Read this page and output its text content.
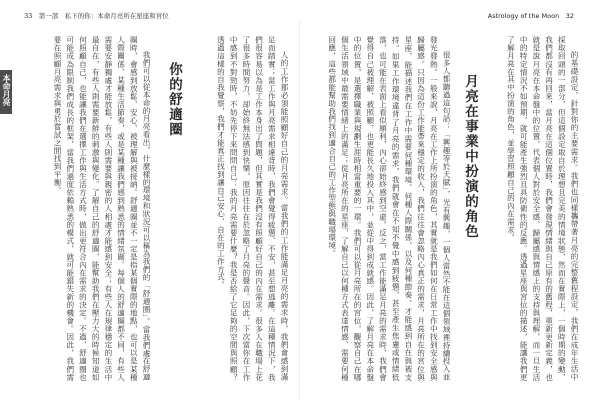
33　第一部　私下的你：本命月亮所在星座和宮位	Astrology of the Moon　32
本命月亮	的基礎設定，針對你的主要需求。我們也同樣攜帶著月亮的完整舊程設定，我們在成年生活中採取回頭的一部分，但這個設定取自於理想且完美的情境狀態，然而在實際上，一個時期的變動，我們都沒有再回來，當月亮在這個位置時，我們會發現情緒與自己原有的舊程，重新更新定義，也就是說月亮在本命盤中的位置，代表個人對於安全感、歸屬感與情感上的支持與理解，而一旦生活中的特定情況不如預期，就可能產生強烈且具防衛性的反應。透過星座與宮位的描述，能讓我們更了解月亮在其中扮演的角色，並學習照顧自己的內在需求。
月亮在事業中扮演的角色
很多人都聽過這句話：「興趣等於天賦」，光有興趣，一個人當然不能在這個領域裡持續投入並發光發熱。一般來說，月亮在工作上所扮演的角色，其實就是我們如何在日常工作中找到安全感與歸屬感。只因為這份工作能帶來穩定的收入，我們往往會忽略內心真正的需求，月亮所在的宮位與星座，能描述我們在工作中需要何種環境、何種人際關係，以及何種節奏，才能感到自在與被支持。如果工作環境違背了月亮的需求，我們就會在不知不覺中感到疲憊，甚至產生焦慮或情緒低落，也可能在表面上看似順利，內心卻始終感到空虛。反之，當工作能滿足月亮的需求時，我們會覺得自己被理解、被照顧，也更能長久地投入其中，並從中得到成就感。因此，了解月亮在本命盤中的位置，是選擇職業與規劃生涯時相當重要的一環。我們可以從月亮所在的宮位，觀察自己在哪個生活領域中最需要情緒上的滿足；從月亮所在的星座，了解自己以何種方式表達情感、需要何種回應，這些都能幫助我們找到適合自己的工作型態與職場環境。
人的工作都必須能照顧好自己的月亮需求。當我們的工作能滿足月亮的需求時，我們會感到滿足而踏實；當工作與月亮需求相違背時，我們會覺得疲憊、不安，甚至想逃離。在這種情況下，我們很容易以為是工作本身出了問題，但其實是我們沒有照顧好自己的內在需求。很多人在職場上花了很多時間努力，卻始終無法感到快樂，原因往往在於忽略了月亮的聲音。因此，下次當你在工作中感到不對勁時，不妨先停下來問問自己：我的月亮需要什麼？我是否給了它足夠的空間與照顧？透過這樣的自我覺察，我們才能真正找到讓自己安心、自在的工作方式。
你的舒適圈
我們可以從本命的月亮看出，什麼樣的環境和狀況可以稱為我們的「舒適圈」。當我們處在舒適圈時，會感到放鬆、安心、被理解與被接納。舒適圈並不一定是指某個實際的地點，也可以是某種人際關係、某種生活節奏，或是某種讓我們感到熟悉的情緒氛圍。每個人的舒適圈都不同，有些人需要安靜獨處才能放鬆，有些人則需要與親密的人相處才能感到安全；有些人在規律穩定的生活中最自在，有些人則需要新鮮的刺激與變化。了解自己的舒適圈，能幫助我們在壓力大的時候知道如何照顧自己，也能讓我們在選擇工作與生活方式時，做出更符合內在需求的決定。不過，舒適圈也可能成為限制我們成長的框架，當我們過度依賴熟悉的模式，就可能錯失新的機會。因此，我們需要在照顧月亮需求與勇於嘗試之間找到平衡。
